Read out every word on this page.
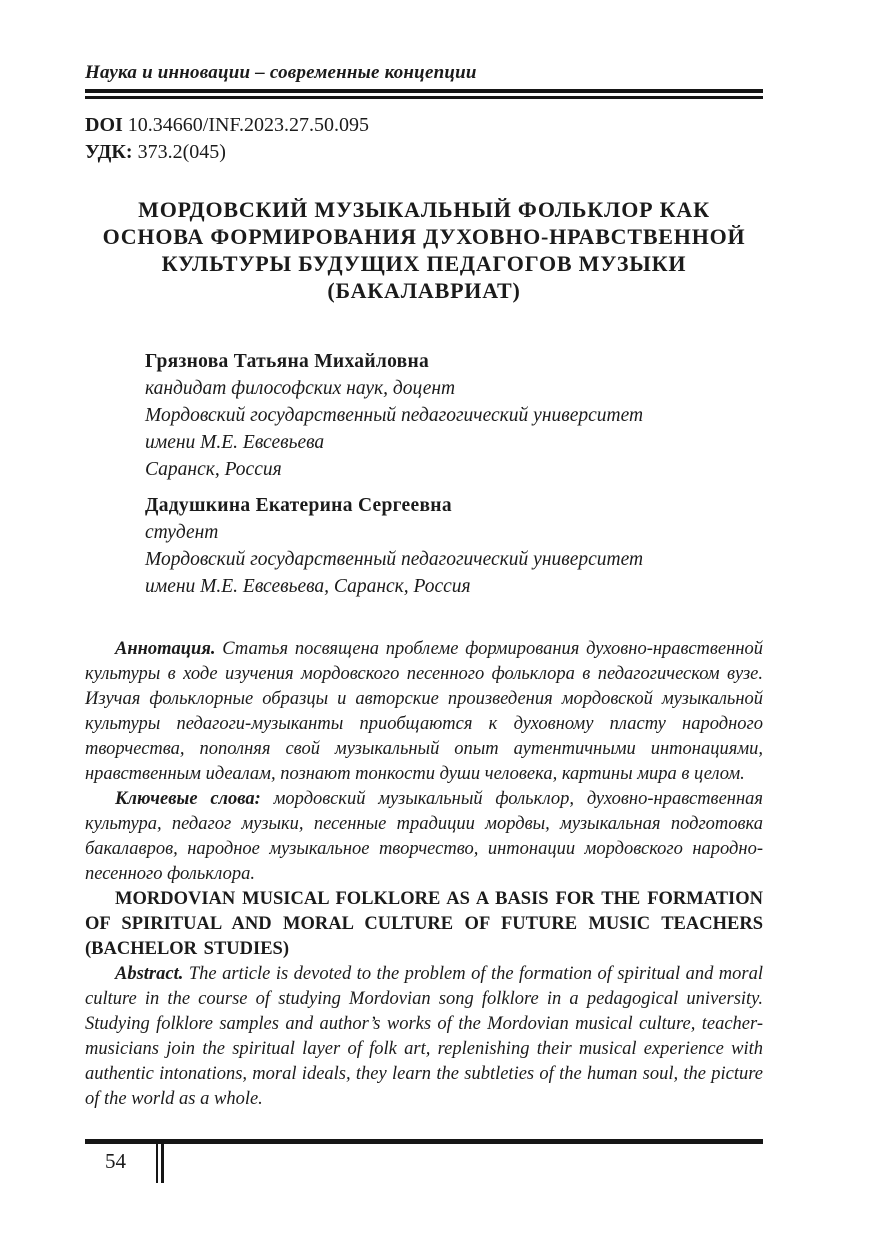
Наука и инновации – современные концепции
DOI 10.34660/INF.2023.27.50.095
УДК: 373.2(045)
МОРДОВСКИЙ МУЗЫКАЛЬНЫЙ ФОЛЬКЛОР КАК ОСНОВА ФОРМИРОВАНИЯ ДУХОВНО-НРАВСТВЕННОЙ КУЛЬТУРЫ БУДУЩИХ ПЕДАГОГОВ МУЗЫКИ (БАКАЛАВРИАТ)
Грязнова Татьяна Михайловна
кандидат философских наук, доцент
Мордовский государственный педагогический университет
имени М.Е. Евсевьева
Саранск, Россия
Дадушкина Екатерина Сергеевна
студент
Мордовский государственный педагогический университет
имени М.Е. Евсевьева, Саранск, Россия

Аннотация. Статья посвящена проблеме формирования духовно-нравственной культуры в ходе изучения мордовского песенного фольклора в педагогическом вузе. Изучая фольклорные образцы и авторские произведения мордовской музыкальной культуры педагоги-музыканты приобщаются к духовному пласту народного творчества, пополняя свой музыкальный опыт аутентичными интонациями, нравственным идеалам, познают тонкости души человека, картины мира в целом.

Ключевые слова: мордовский музыкальный фольклор, духовно-нравственная культура, педагог музыки, песенные традиции мордвы, музыкальная подготовка бакалавров, народное музыкальное творчество, интонации мордовского народно-песенного фольклора.

MORDOVIAN MUSICAL FOLKLORE AS A BASIS FOR THE FORMATION OF SPIRITUAL AND MORAL CULTURE OF FUTURE MUSIC TEACHERS (BACHELOR STUDIES)

Abstract. The article is devoted to the problem of the formation of spiritual and moral culture in the course of studying Mordovian song folklore in a pedagogical university. Studying folklore samples and author’s works of the Mordovian musical culture, teacher-musicians join the spiritual layer of folk art, replenishing their musical experience with authentic intonations, moral ideals, they learn the subtleties of the human soul, the picture of the world as a whole.

54
